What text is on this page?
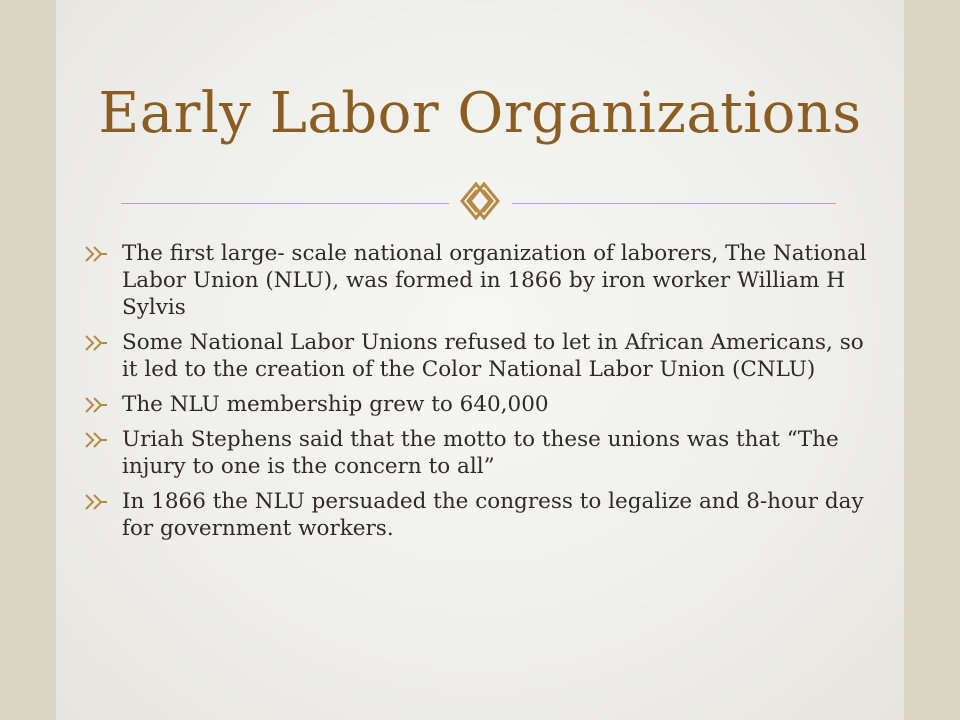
Early Labor Organizations
The first large- scale national organization of laborers, The National Labor Union (NLU), was formed in 1866 by iron worker William H Sylvis
Some National Labor Unions refused to let in African Americans, so it led to the creation of the Color National Labor Union (CNLU)
The NLU membership grew to 640,000
Uriah Stephens said that the motto to these unions was that “The injury to one is the concern to all”
In 1866 the NLU persuaded the congress to legalize and 8-hour day for government workers.
